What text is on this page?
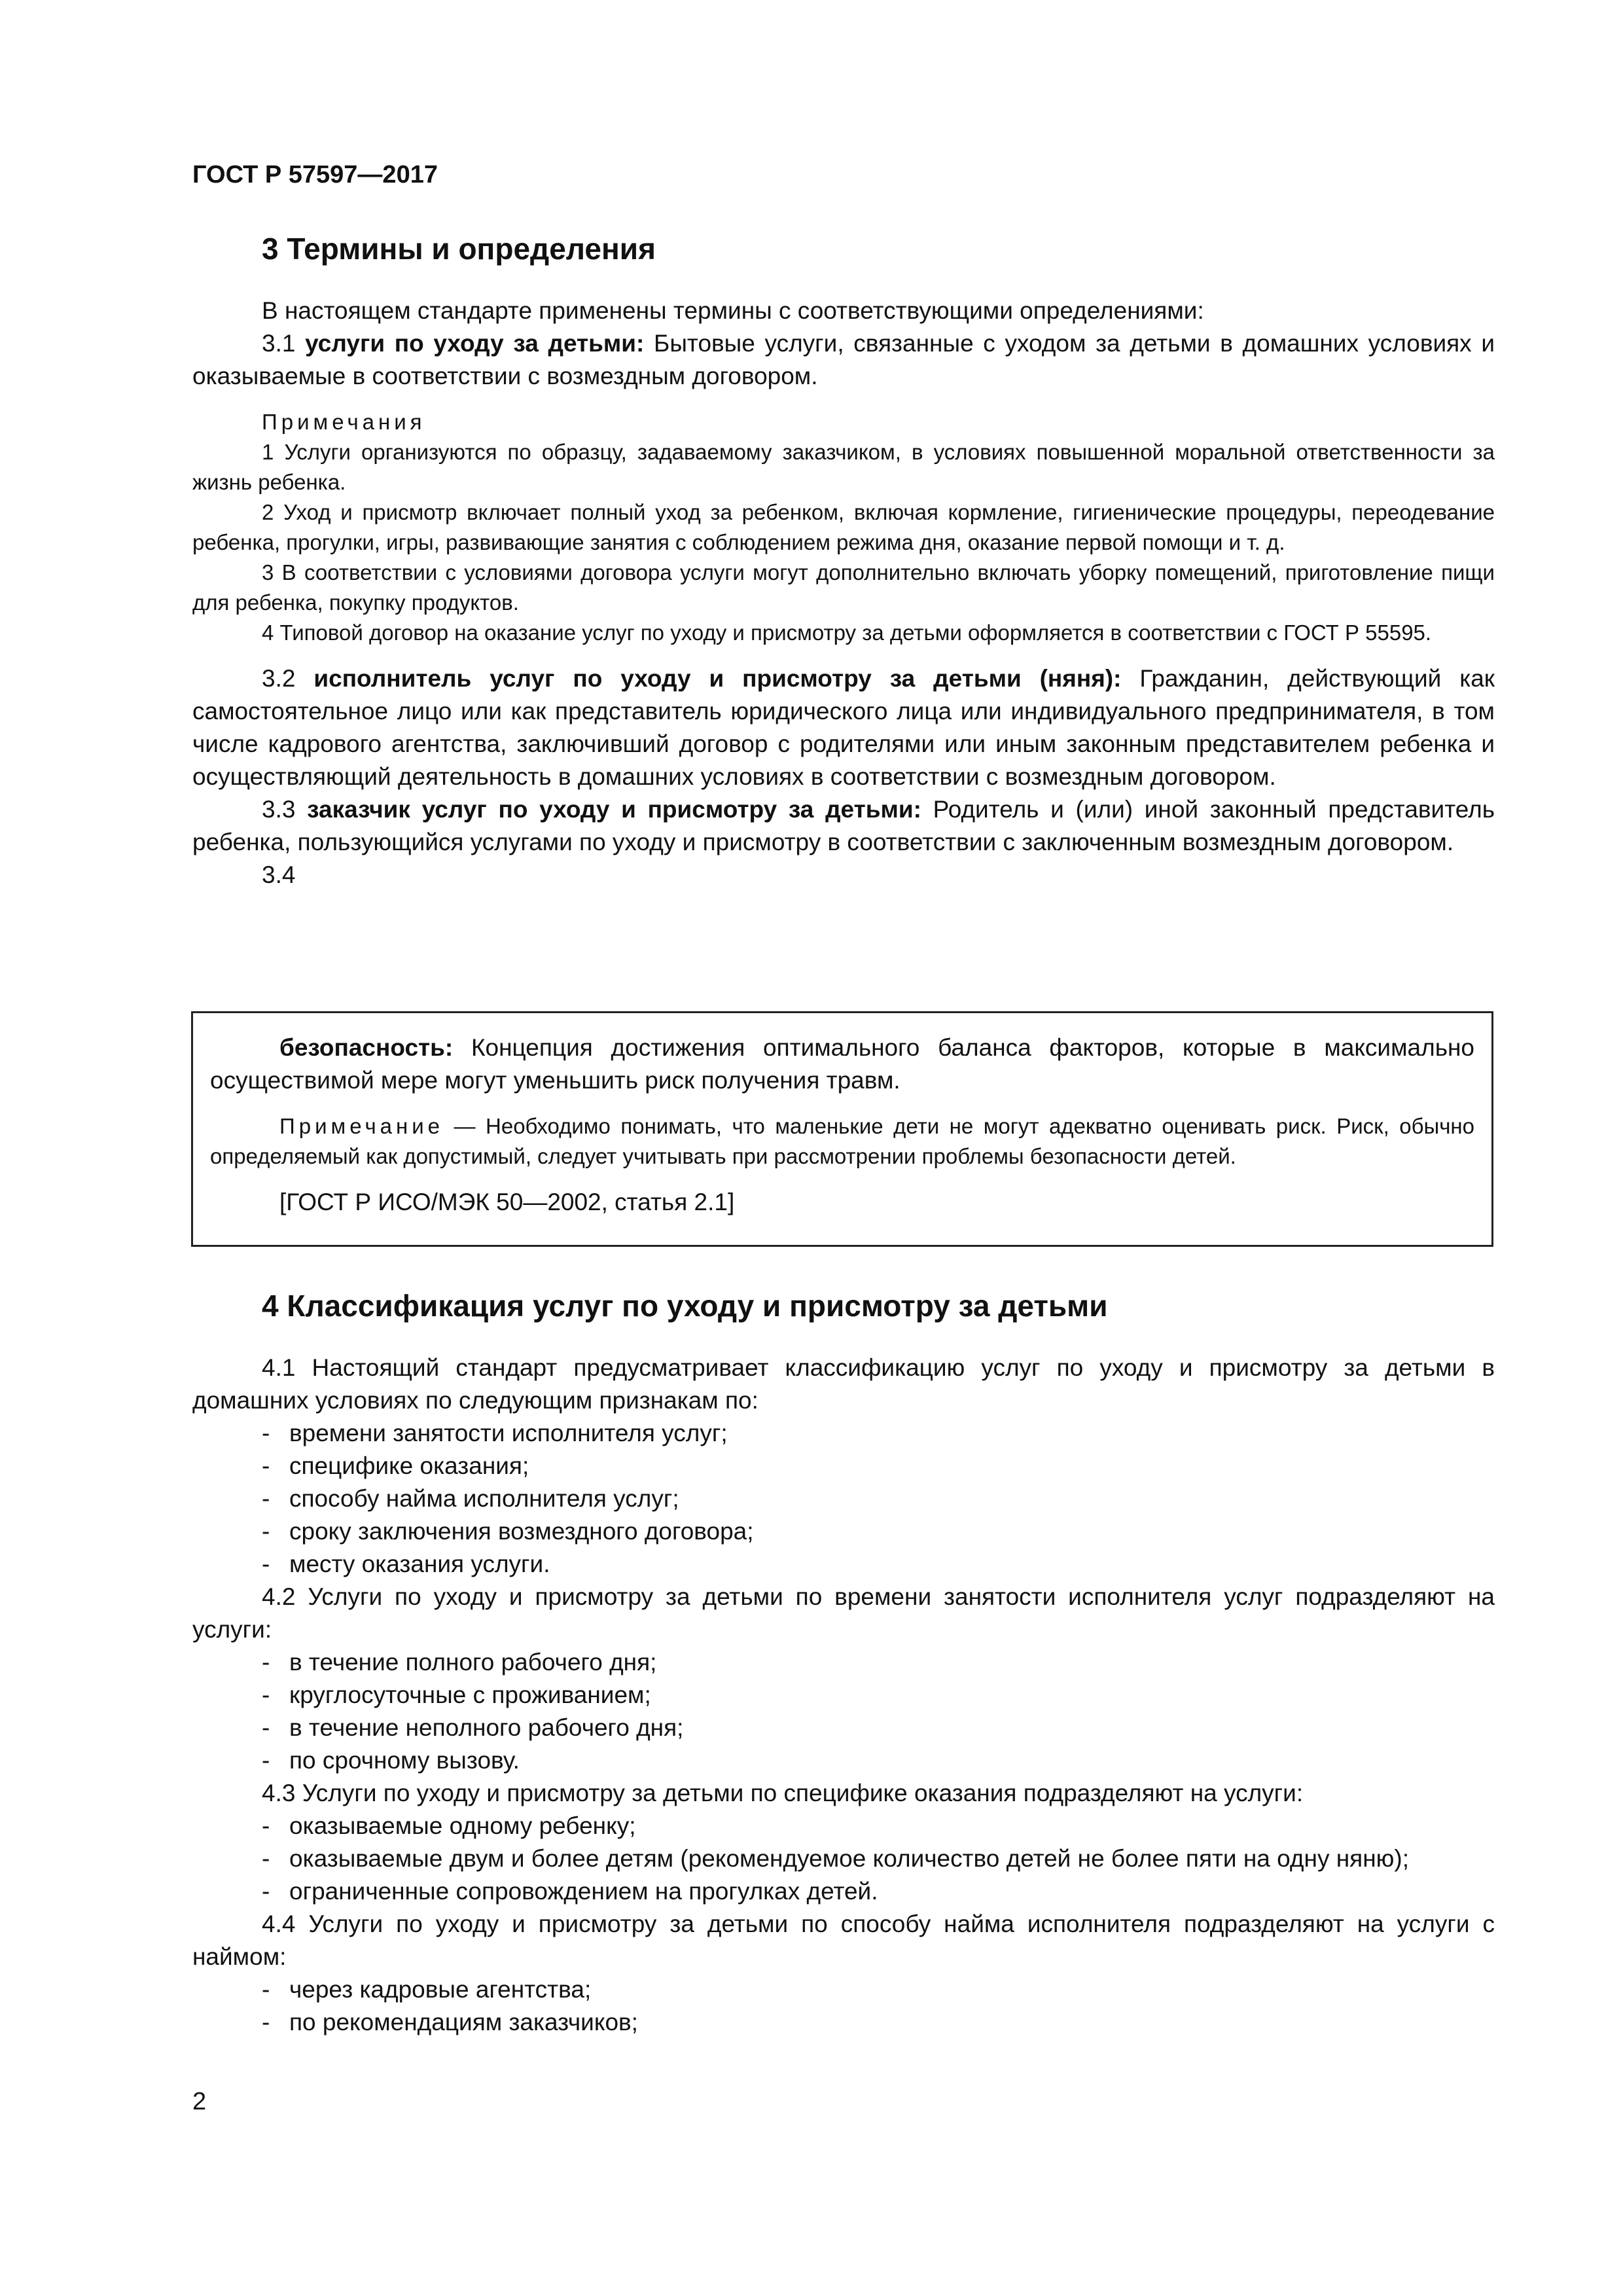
ГОСТ Р 57597—2017
3 Термины и определения

В настоящем стандарте применены термины с соответствующими определениями:

3.1 услуги по уходу за детьми: Бытовые услуги, связанные с уходом за детьми в домашних условиях и оказываемые в соответствии с возмездным договором.

Примечания

1 Услуги организуются по образцу, задаваемому заказчиком, в условиях повышенной моральной ответственности за жизнь ребенка.

2 Уход и присмотр включает полный уход за ребенком, включая кормление, гигиенические процедуры, переодевание ребенка, прогулки, игры, развивающие занятия с соблюдением режима дня, оказание первой помощи и т. д.

3 В соответствии с условиями договора услуги могут дополнительно включать уборку помещений, приготовление пищи для ребенка, покупку продуктов.

4 Типовой договор на оказание услуг по уходу и присмотру за детьми оформляется в соответствии с ГОСТ Р 55595.

3.2 исполнитель услуг по уходу и присмотру за детьми (няня): Гражданин, действующий как самостоятельное лицо или как представитель юридического лица или индивидуального предпринимателя, в том числе кадрового агентства, заключивший договор с родителями или иным законным представителем ребенка и осуществляющий деятельность в домашних условиях в соответствии с возмездным договором.

3.3 заказчик услуг по уходу и присмотру за детьми: Родитель и (или) иной законный представитель ребенка, пользующийся услугами по уходу и присмотру в соответствии с заключенным возмездным договором.

3.4

безопасность: Концепция достижения оптимального баланса факторов, которые в максимально осуществимой мере могут уменьшить риск получения травм.

Примечание — Необходимо понимать, что маленькие дети не могут адекватно оценивать риск. Риск, обычно определяемый как допустимый, следует учитывать при рассмотрении проблемы безопасности детей.

[ГОСТ Р ИСО/МЭК 50—2002, статья 2.1]

4 Классификация услуг по уходу и присмотру за детьми

4.1 Настоящий стандарт предусматривает классификацию услуг по уходу и присмотру за детьми в домашних условиях по следующим признакам по:

- времени занятости исполнителя услуг;

- специфике оказания;

- способу найма исполнителя услуг;

- сроку заключения возмездного договора;

- месту оказания услуги.

4.2 Услуги по уходу и присмотру за детьми по времени занятости исполнителя услуг подразделяют на услуги:

- в течение полного рабочего дня;

- круглосуточные с проживанием;

- в течение неполного рабочего дня;

- по срочному вызову.

4.3 Услуги по уходу и присмотру за детьми по специфике оказания подразделяют на услуги:

- оказываемые одному ребенку;

- оказываемые двум и более детям (рекомендуемое количество детей не более пяти на одну няню);

- ограниченные сопровождением на прогулках детей.

4.4 Услуги по уходу и присмотру за детьми по способу найма исполнителя подразделяют на услуги с наймом:

- через кадровые агентства;

- по рекомендациям заказчиков;

2
